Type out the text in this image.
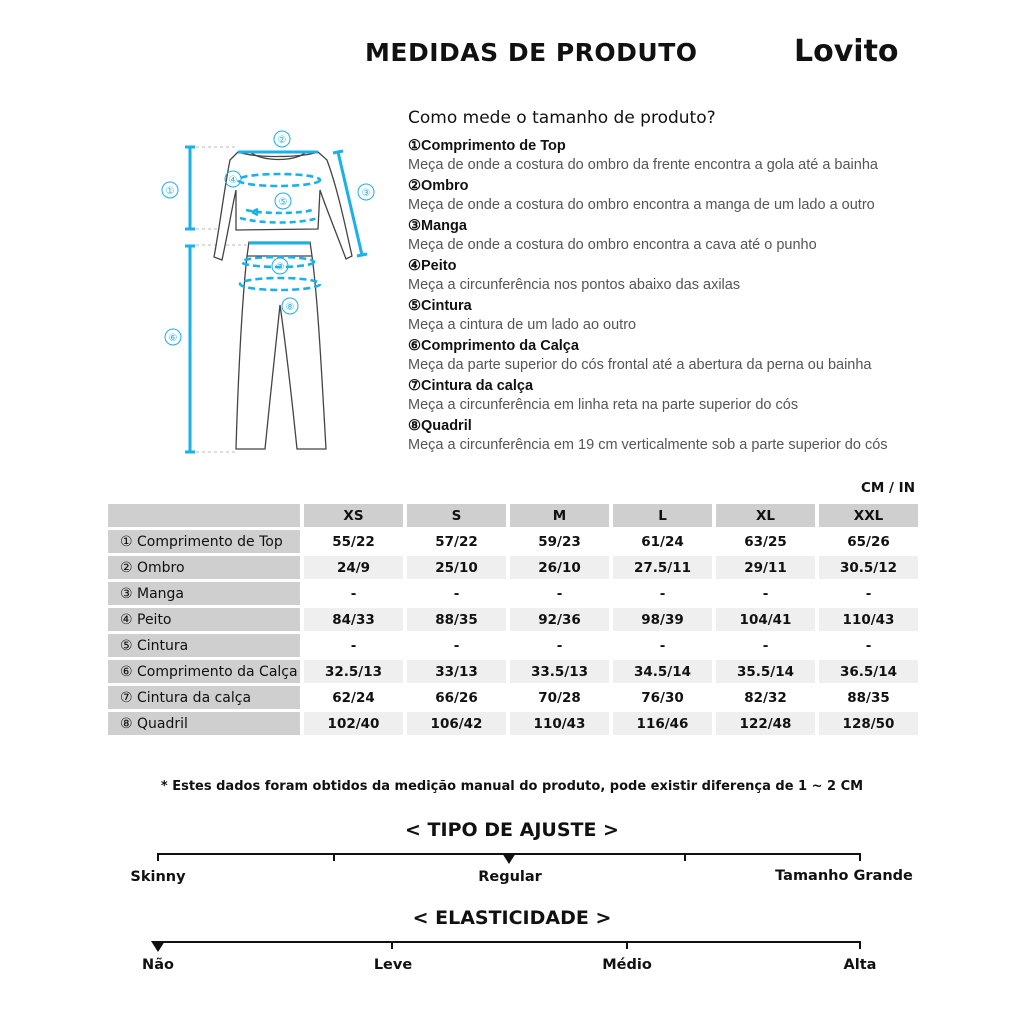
MEDIDAS DE PRODUTO	Lovito
①
②
③
④
⑤
⑥
⑦
⑧
Como mede o tamanho de produto?
①Comprimento de Top
Meça de onde a costura do ombro da frente encontra a gola até a bainha
②Ombro
Meça de onde a costura do ombro encontra a manga de um lado a outro
③Manga
Meça de onde a costura do ombro encontra a cava até o punho
④Peito
Meça a circunferência nos pontos abaixo das axilas
⑤Cintura
Meça a cintura de um lado ao outro
⑥Comprimento da Calça
Meça da parte superior do cós frontal até a abertura da perna ou bainha
⑦Cintura da calça
Meça a circunferência em linha reta na parte superior do cós
⑧Quadril
Meça a circunferência em 19 cm verticalmente sob a parte superior do cós
CM / IN
	XS	S	M	L	XL	XXL
① Comprimento de Top	55/22	57/22	59/23	61/24	63/25	65/26
② Ombro	24/9	25/10	26/10	27.5/11	29/11	30.5/12
③ Manga	-	-	-	-	-	-
④ Peito	84/33	88/35	92/36	98/39	104/41	110/43
⑤ Cintura	-	-	-	-	-	-
⑥ Comprimento da Calça	32.5/13	33/13	33.5/13	34.5/14	35.5/14	36.5/14
⑦ Cintura da calça	62/24	66/26	70/28	76/30	82/32	88/35
⑧ Quadril	102/40	106/42	110/43	116/46	122/48	128/50
* Estes dados foram obtidos da medição manual do produto, pode existir diferença de 1 ~ 2 CM
< TIPO DE AJUSTE >
Skinny	Regular	Tamanho Grande
< ELASTICIDADE >
Não	Leve	Médio	Alta
